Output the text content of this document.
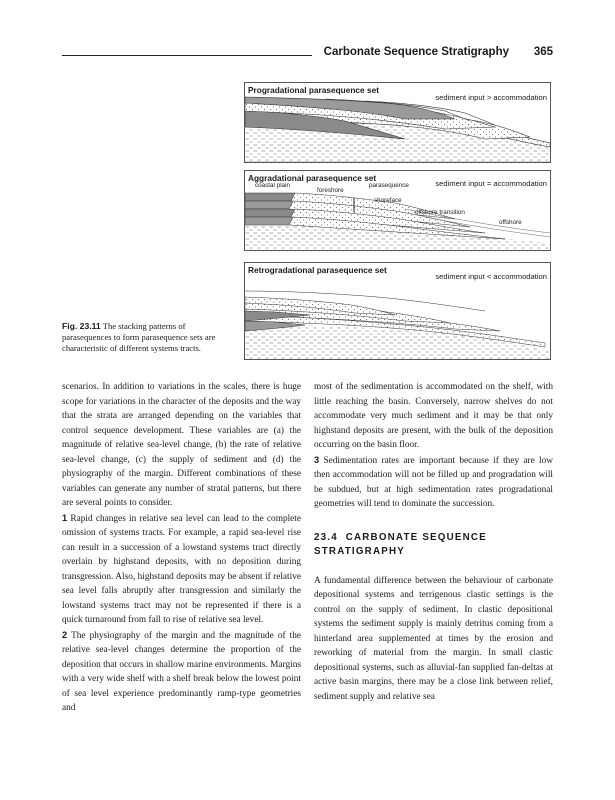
Carbonate Sequence Stratigraphy 365
Progradational parasequence set
sediment input > accommodation
Aggradational parasequence set
sediment input = accommodation
coastal plain
foreshore
parasequence
shoreface
offshore transition
offshore
Retrogradational parasequence set
sediment input < accommodation
Fig. 23.11 The stacking patterns of parasequences to form parasequence sets are characteristic of different systems tracts.

scenarios. In addition to variations in the scales, there is huge scope for variations in the character of the deposits and the way that the strata are arranged depending on the variables that control sequence development. These variables are (a) the magnitude of relative sea-level change, (b) the rate of relative sea-level change, (c) the supply of sediment and (d) the physiography of the margin. Different combinations of these variables can generate any number of stratal patterns, but there are several points to consider.

1 Rapid changes in relative sea level can lead to the complete omission of systems tracts. For example, a rapid sea-level rise can result in a succession of a lowstand systems tract directly overlain by highstand deposits, with no deposition during transgression. Also, highstand deposits may be absent if relative sea level falls abruptly after transgression and similarly the lowstand systems tract may not be represented if there is a quick turnaround from fall to rise of relative sea level.

2 The physiography of the margin and the magnitude of the relative sea-level changes determine the proportion of the deposition that occurs in shallow marine environments. Margins with a very wide shelf with a shelf break below the lowest point of sea level experience predominantly ramp-type geometries and

most of the sedimentation is accommodated on the shelf, with little reaching the basin. Conversely, narrow shelves do not accommodate very much sediment and it may be that only highstand deposits are present, with the bulk of the deposition occurring on the basin floor.

3 Sedimentation rates are important because if they are low then accommodation will not be filled up and progradation will be subdued, but at high sedimentation rates progradational geometries will tend to dominate the succession.

23.4 CARBONATE SEQUENCE STRATIGRAPHY

A fundamental difference between the behaviour of carbonate depositional systems and terrigenous clastic settings is the control on the supply of sediment. In clastic depositional systems the sediment supply is mainly detritus coming from a hinterland area supplemented at times by the erosion and reworking of material from the margin. In small clastic depositional systems, such as alluvial-fan supplied fan-deltas at active basin margins, there may be a close link between relief, sediment supply and relative sea
